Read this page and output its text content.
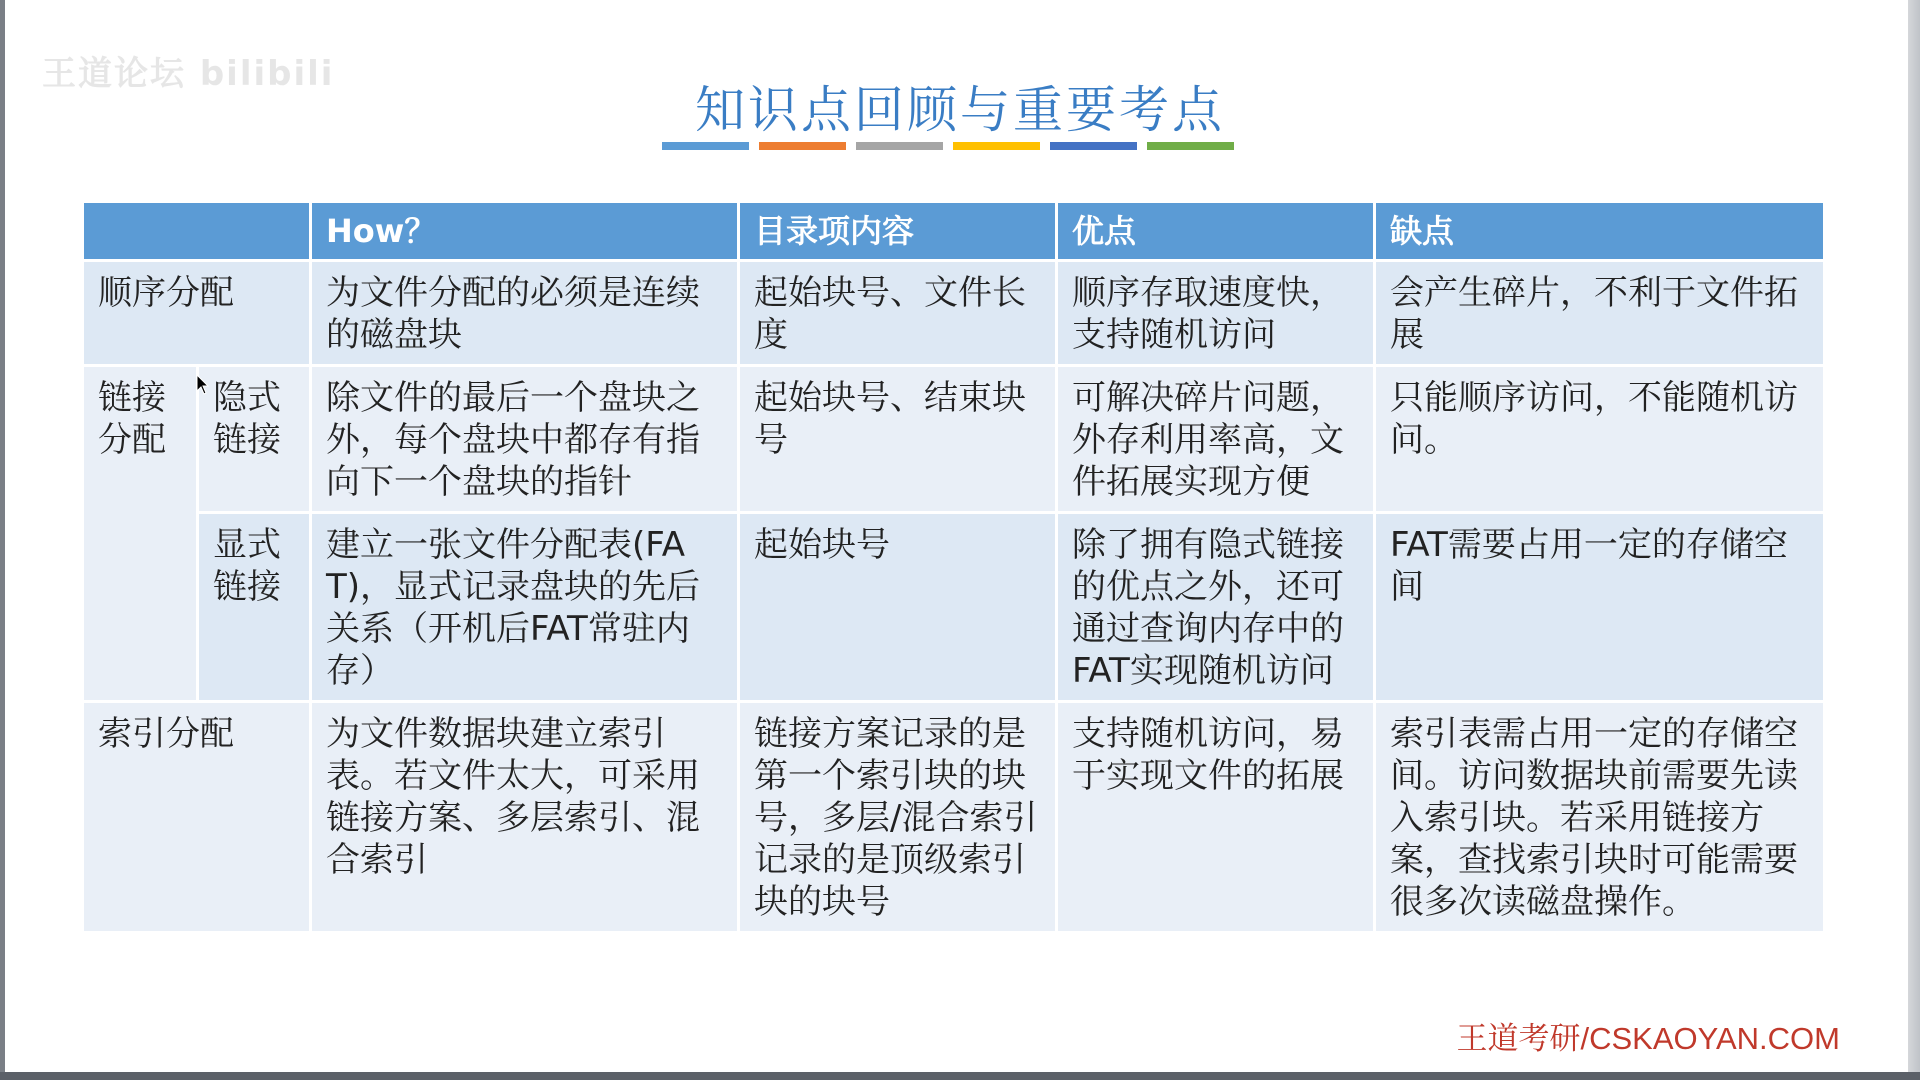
王道论坛 bilibili
知识点回顾与重要考点
		How？	目录项内容	优点	缺点
顺序分配		为文件分配的必须是连续的磁盘块	起始块号、文件长度	顺序存取速度快，支持随机访问	会产生碎片，不利于文件拓展
链接分配	隐式链接	除文件的最后一个盘块之外，每个盘块中都存有指向下一个盘块的指针	起始块号、结束块号	可解决碎片问题，外存利用率高，文件拓展实现方便	只能顺序访问，不能随机访问。
	显式链接	建立一张文件分配表(FAT)，显式记录盘块的先后关系（开机后FAT常驻内存）	起始块号	除了拥有隐式链接的优点之外，还可通过查询内存中的FAT实现随机访问	FAT需要占用一定的存储空间
索引分配		为文件数据块建立索引表。若文件太大，可采用链接方案、多层索引、混合索引	链接方案记录的是第一个索引块的块号，多层/混合索引记录的是顶级索引块的块号	支持随机访问，易于实现文件的拓展	索引表需占用一定的存储空间。访问数据块前需要先读入索引块。若采用链接方案，查找索引块时可能需要很多次读磁盘操作。
王道考研/CSKAOYAN.COM
